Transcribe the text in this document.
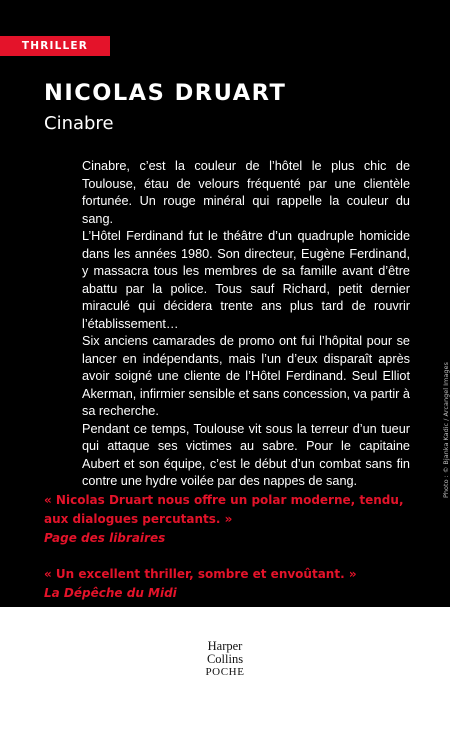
THRILLER
NICOLAS DRUART
Cinabre

Cinabre, c’est la couleur de l’hôtel le plus chic de Toulouse, étau de velours fréquenté par une clientèle fortunée. Un rouge minéral qui rappelle la couleur du sang.

L’Hôtel Ferdinand fut le théâtre d’un quadruple homicide dans les années 1980. Son directeur, Eugène Ferdinand, y massacra tous les membres de sa famille avant d’être abattu par la police. Tous sauf Richard, petit dernier miraculé qui décidera trente ans plus tard de rouvrir l’établissement…

Six anciens camarades de promo ont fui l’hôpital pour se lancer en indépendants, mais l’un d’eux disparaît après avoir soigné une cliente de l’Hôtel Ferdinand. Seul Elliot Akerman, infirmier sensible et sans concession, va partir à sa recherche.

Pendant ce temps, Toulouse vit sous la terreur d’un tueur qui attaque ses victimes au sabre. Pour le capitaine Aubert et son équipe, c’est le début d’un combat sans fin contre une hydre voilée par des nappes de sang.

« Nicolas Druart nous offre un polar moderne, tendu, aux dialogues percutants. »
Page des libraires
« Un excellent thriller, sombre et envoûtant. »
La Dépêche du Midi

Photo : © Bjanka Kadic / Arcangel Images

Harper
Collins
POCHE
